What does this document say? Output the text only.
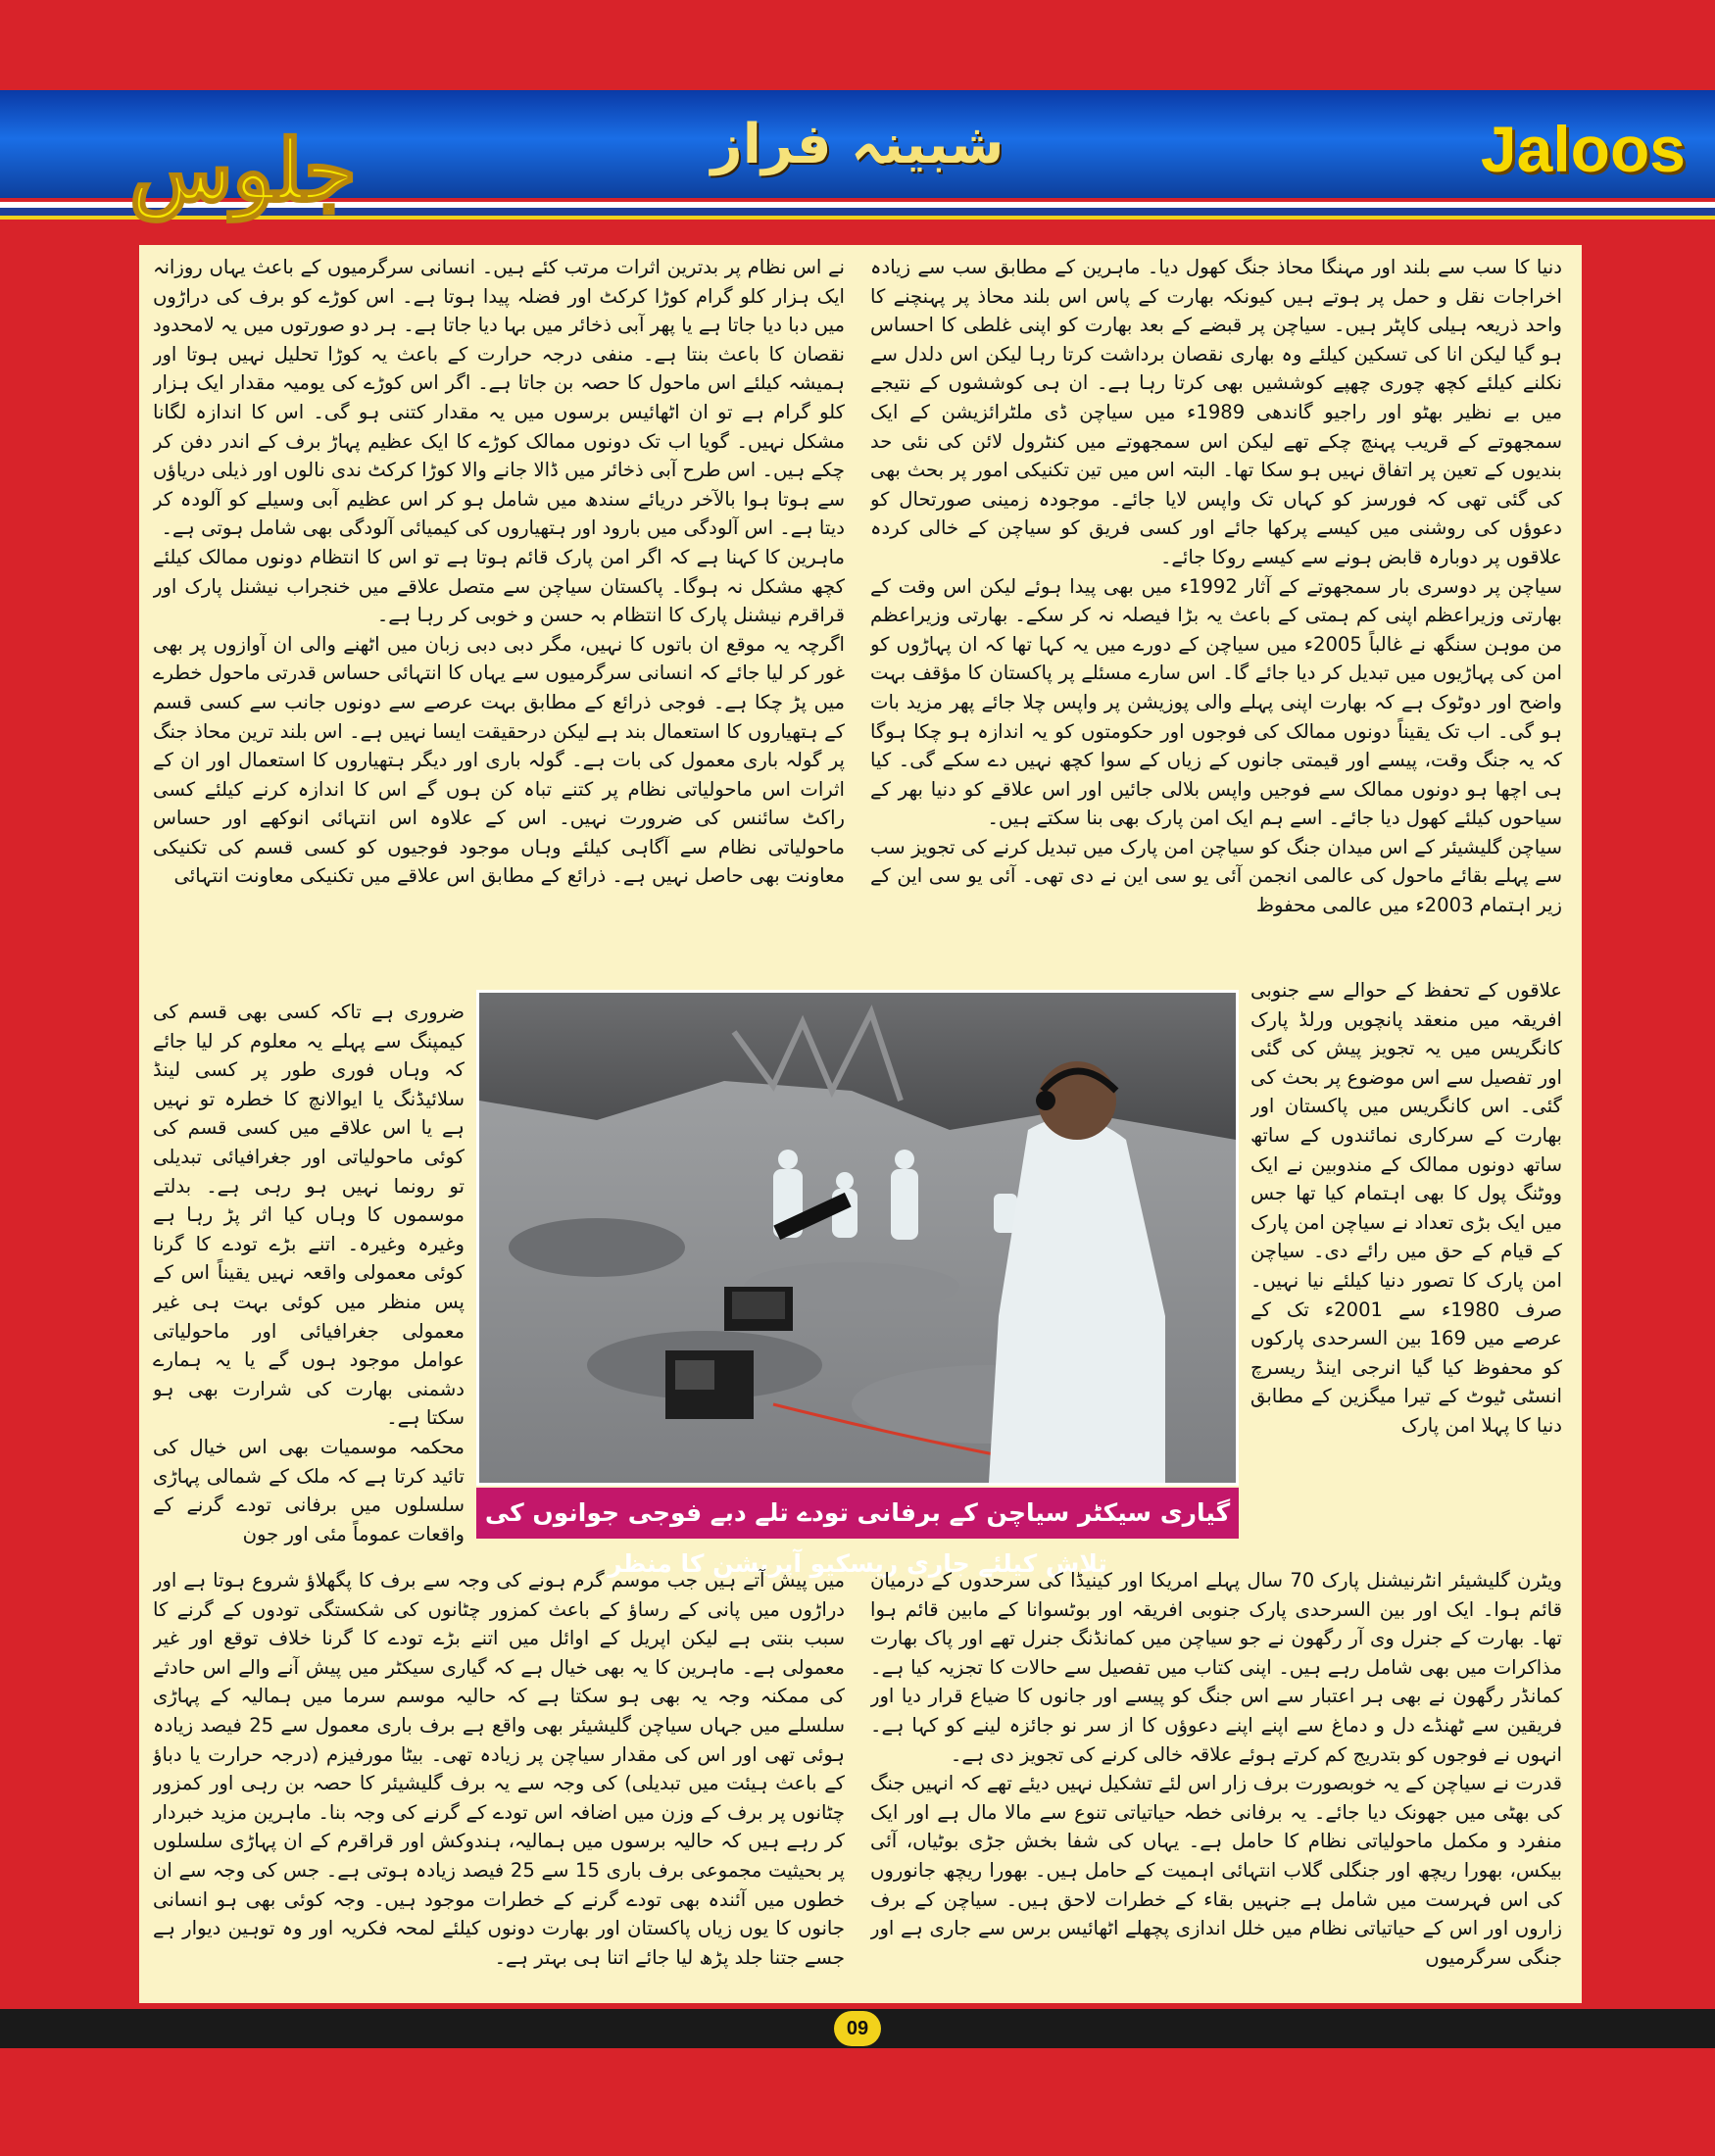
جلوس	شبینہ فراز	Jaloos

دنیا کا سب سے بلند اور مہنگا محاذ جنگ کھول دیا۔ ماہرین کے مطابق سب سے زیادہ اخراجات نقل و حمل پر ہوتے ہیں کیونکہ بھارت کے پاس اس بلند محاذ پر پہنچنے کا واحد ذریعہ ہیلی کاپٹر ہیں۔ سیاچن پر قبضے کے بعد بھارت کو اپنی غلطی کا احساس ہو گیا لیکن انا کی تسکین کیلئے وہ بھاری نقصان برداشت کرتا رہا لیکن اس دلدل سے نکلنے کیلئے کچھ چوری چھپے کوششیں بھی کرتا رہا ہے۔ ان ہی کوششوں کے نتیجے میں بے نظیر بھٹو اور راجیو گاندھی 1989ء میں سیاچن ڈی ملٹرائزیشن کے ایک سمجھوتے کے قریب پہنچ چکے تھے لیکن اس سمجھوتے میں کنٹرول لائن کی نئی حد بندیوں کے تعین پر اتفاق نہیں ہو سکا تھا۔ البتہ اس میں تین تکنیکی امور پر بحث بھی کی گئی تھی کہ فورسز کو کہاں تک واپس لایا جائے۔ موجودہ زمینی صورتحال کو دعوؤں کی روشنی میں کیسے پرکھا جائے اور کسی فریق کو سیاچن کے خالی کردہ علاقوں پر دوبارہ قابض ہونے سے کیسے روکا جائے۔

سیاچن پر دوسری بار سمجھوتے کے آثار 1992ء میں بھی پیدا ہوئے لیکن اس وقت کے بھارتی وزیراعظم اپنی کم ہمتی کے باعث یہ بڑا فیصلہ نہ کر سکے۔ بھارتی وزیراعظم من موہن سنگھ نے غالباً 2005ء میں سیاچن کے دورے میں یہ کہا تھا کہ ان پہاڑوں کو امن کی پہاڑیوں میں تبدیل کر دیا جائے گا۔ اس سارے مسئلے پر پاکستان کا مؤقف بہت واضح اور دوٹوک ہے کہ بھارت اپنی پہلے والی پوزیشن پر واپس چلا جائے پھر مزید بات ہو گی۔ اب تک یقیناً دونوں ممالک کی فوجوں اور حکومتوں کو یہ اندازہ ہو چکا ہوگا کہ یہ جنگ وقت، پیسے اور قیمتی جانوں کے زیاں کے سوا کچھ نہیں دے سکے گی۔ کیا ہی اچھا ہو دونوں ممالک سے فوجیں واپس بلالی جائیں اور اس علاقے کو دنیا بھر کے سیاحوں کیلئے کھول دیا جائے۔ اسے ہم ایک امن پارک بھی بنا سکتے ہیں۔

سیاچن گلیشیئر کے اس میدان جنگ کو سیاچن امن پارک میں تبدیل کرنے کی تجویز سب سے پہلے بقائے ماحول کی عالمی انجمن آئی یو سی این نے دی تھی۔ آئی یو سی این کے زیر اہتمام 2003ء میں عالمی محفوظ

نے اس نظام پر بدترین اثرات مرتب کئے ہیں۔ انسانی سرگرمیوں کے باعث یہاں روزانہ ایک ہزار کلو گرام کوڑا کرکٹ اور فضلہ پیدا ہوتا ہے۔ اس کوڑے کو برف کی دراڑوں میں دبا دیا جاتا ہے یا پھر آبی ذخائر میں بہا دیا جاتا ہے۔ ہر دو صورتوں میں یہ لامحدود نقصان کا باعث بنتا ہے۔ منفی درجہ حرارت کے باعث یہ کوڑا تحلیل نہیں ہوتا اور ہمیشہ کیلئے اس ماحول کا حصہ بن جاتا ہے۔ اگر اس کوڑے کی یومیہ مقدار ایک ہزار کلو گرام ہے تو ان اٹھائیس برسوں میں یہ مقدار کتنی ہو گی۔ اس کا اندازہ لگانا مشکل نہیں۔ گویا اب تک دونوں ممالک کوڑے کا ایک عظیم پہاڑ برف کے اندر دفن کر چکے ہیں۔ اس طرح آبی ذخائر میں ڈالا جانے والا کوڑا کرکٹ ندی نالوں اور ذیلی دریاؤں سے ہوتا ہوا بالآخر دریائے سندھ میں شامل ہو کر اس عظیم آبی وسیلے کو آلودہ کر دیتا ہے۔ اس آلودگی میں بارود اور ہتھیاروں کی کیمیائی آلودگی بھی شامل ہوتی ہے۔

ماہرین کا کہنا ہے کہ اگر امن پارک قائم ہوتا ہے تو اس کا انتظام دونوں ممالک کیلئے کچھ مشکل نہ ہوگا۔ پاکستان سیاچن سے متصل علاقے میں خنجراب نیشنل پارک اور قراقرم نیشنل پارک کا انتظام بہ حسن و خوبی کر رہا ہے۔

اگرچہ یہ موقع ان باتوں کا نہیں، مگر دبی دبی زبان میں اٹھنے والی ان آوازوں پر بھی غور کر لیا جائے کہ انسانی سرگرمیوں سے یہاں کا انتہائی حساس قدرتی ماحول خطرے میں پڑ چکا ہے۔ فوجی ذرائع کے مطابق بہت عرصے سے دونوں جانب سے کسی قسم کے ہتھیاروں کا استعمال بند ہے لیکن درحقیقت ایسا نہیں ہے۔ اس بلند ترین محاذ جنگ پر گولہ باری معمول کی بات ہے۔ گولہ باری اور دیگر ہتھیاروں کا استعمال اور ان کے اثرات اس ماحولیاتی نظام پر کتنے تباہ کن ہوں گے اس کا اندازہ کرنے کیلئے کسی راکٹ سائنس کی ضرورت نہیں۔ اس کے علاوہ اس انتہائی انوکھے اور حساس ماحولیاتی نظام سے آگاہی کیلئے وہاں موجود فوجیوں کو کسی قسم کی تکنیکی معاونت بھی حاصل نہیں ہے۔ ذرائع کے مطابق اس علاقے میں تکنیکی معاونت انتہائی

علاقوں کے تحفظ کے حوالے سے جنوبی افریقہ میں منعقد پانچویں ورلڈ پارک کانگریس میں یہ تجویز پیش کی گئی اور تفصیل سے اس موضوع پر بحث کی گئی۔ اس کانگریس میں پاکستان اور بھارت کے سرکاری نمائندوں کے ساتھ ساتھ دونوں ممالک کے مندوبین نے ایک ووٹنگ پول کا بھی اہتمام کیا تھا جس میں ایک بڑی تعداد نے سیاچن امن پارک کے قیام کے حق میں رائے دی۔ سیاچن امن پارک کا تصور دنیا کیلئے نیا نہیں۔ صرف 1980ء سے 2001ء تک کے عرصے میں 169 بین السرحدی پارکوں کو محفوظ کیا گیا انرجی اینڈ ریسرچ انسٹی ٹیوٹ کے تیرا میگزین کے مطابق دنیا کا پہلا امن پارک

ضروری ہے تاکہ کسی بھی قسم کی کیمپنگ سے پہلے یہ معلوم کر لیا جائے کہ وہاں فوری طور پر کسی لینڈ سلائیڈنگ یا ایوالانچ کا خطرہ تو نہیں ہے یا اس علاقے میں کسی قسم کی کوئی ماحولیاتی اور جغرافیائی تبدیلی تو رونما نہیں ہو رہی ہے۔ بدلتے موسموں کا وہاں کیا اثر پڑ رہا ہے وغیرہ وغیرہ۔ اتنے بڑے تودے کا گرنا کوئی معمولی واقعہ نہیں یقیناً اس کے پس منظر میں کوئی بہت ہی غیر معمولی جغرافیائی اور ماحولیاتی عوامل موجود ہوں گے یا یہ ہمارے دشمنی بھارت کی شرارت بھی ہو سکتا ہے۔

محکمہ موسمیات بھی اس خیال کی تائید کرتا ہے کہ ملک کے شمالی پہاڑی سلسلوں میں برفانی تودے گرنے کے واقعات عموماً مئی اور جون

گیاری سیکٹر سیاچن کے برفانی تودے تلے دبے فوجی جوانوں کی تلاش کیلئے جاری ریسکیو آپریشن کا منظر

ویٹرن گلیشیئر انٹرنیشنل پارک 70 سال پہلے امریکا اور کینیڈا کی سرحدوں کے درمیان قائم ہوا۔ ایک اور بین السرحدی پارک جنوبی افریقہ اور بوٹسوانا کے مابین قائم ہوا تھا۔ بھارت کے جنرل وی آر رگھون نے جو سیاچن میں کمانڈنگ جنرل تھے اور پاک بھارت مذاکرات میں بھی شامل رہے ہیں۔ اپنی کتاب میں تفصیل سے حالات کا تجزیہ کیا ہے۔ کمانڈر رگھون نے بھی ہر اعتبار سے اس جنگ کو پیسے اور جانوں کا ضیاع قرار دیا اور فریقین سے ٹھنڈے دل و دماغ سے اپنے اپنے دعوؤں کا از سر نو جائزہ لینے کو کہا ہے۔ انہوں نے فوجوں کو بتدریج کم کرتے ہوئے علاقہ خالی کرنے کی تجویز دی ہے۔

قدرت نے سیاچن کے یہ خوبصورت برف زار اس لئے تشکیل نہیں دیئے تھے کہ انہیں جنگ کی بھٹی میں جھونک دیا جائے۔ یہ برفانی خطہ حیاتیاتی تنوع سے مالا مال ہے اور ایک منفرد و مکمل ماحولیاتی نظام کا حامل ہے۔ یہاں کی شفا بخش جڑی بوٹیاں، آئی بیکس، بھورا ریچھ اور جنگلی گلاب انتہائی اہمیت کے حامل ہیں۔ بھورا ریچھ جانوروں کی اس فہرست میں شامل ہے جنہیں بقاء کے خطرات لاحق ہیں۔ سیاچن کے برف زاروں اور اس کے حیاتیاتی نظام میں خلل اندازی پچھلے اٹھائیس برس سے جاری ہے اور جنگی سرگرمیوں

میں پیش آتے ہیں جب موسم گرم ہونے کی وجہ سے برف کا پگھلاؤ شروع ہوتا ہے اور دراڑوں میں پانی کے رساؤ کے باعث کمزور چٹانوں کی شکستگی تودوں کے گرنے کا سبب بنتی ہے لیکن اپریل کے اوائل میں اتنے بڑے تودے کا گرنا خلاف توقع اور غیر معمولی ہے۔ ماہرین کا یہ بھی خیال ہے کہ گیاری سیکٹر میں پیش آنے والے اس حادثے کی ممکنہ وجہ یہ بھی ہو سکتا ہے کہ حالیہ موسم سرما میں ہمالیہ کے پہاڑی سلسلے میں جہاں سیاچن گلیشیئر بھی واقع ہے برف باری معمول سے 25 فیصد زیادہ ہوئی تھی اور اس کی مقدار سیاچن پر زیادہ تھی۔ بیٹا مورفیزم (درجہ حرارت یا دباؤ کے باعث ہیئت میں تبدیلی) کی وجہ سے یہ برف گلیشیئر کا حصہ بن رہی اور کمزور چٹانوں پر برف کے وزن میں اضافہ اس تودے کے گرنے کی وجہ بنا۔ ماہرین مزید خبردار کر رہے ہیں کہ حالیہ برسوں میں ہمالیہ، ہندوکش اور قراقرم کے ان پہاڑی سلسلوں پر بحیثیت مجموعی برف باری 15 سے 25 فیصد زیادہ ہوتی ہے۔ جس کی وجہ سے ان خطوں میں آئندہ بھی تودے گرنے کے خطرات موجود ہیں۔ وجہ کوئی بھی ہو انسانی جانوں کا یوں زیاں پاکستان اور بھارت دونوں کیلئے لمحہ فکریہ اور وہ توہین دیوار ہے جسے جتنا جلد پڑھ لیا جائے اتنا ہی بہتر ہے۔

09
